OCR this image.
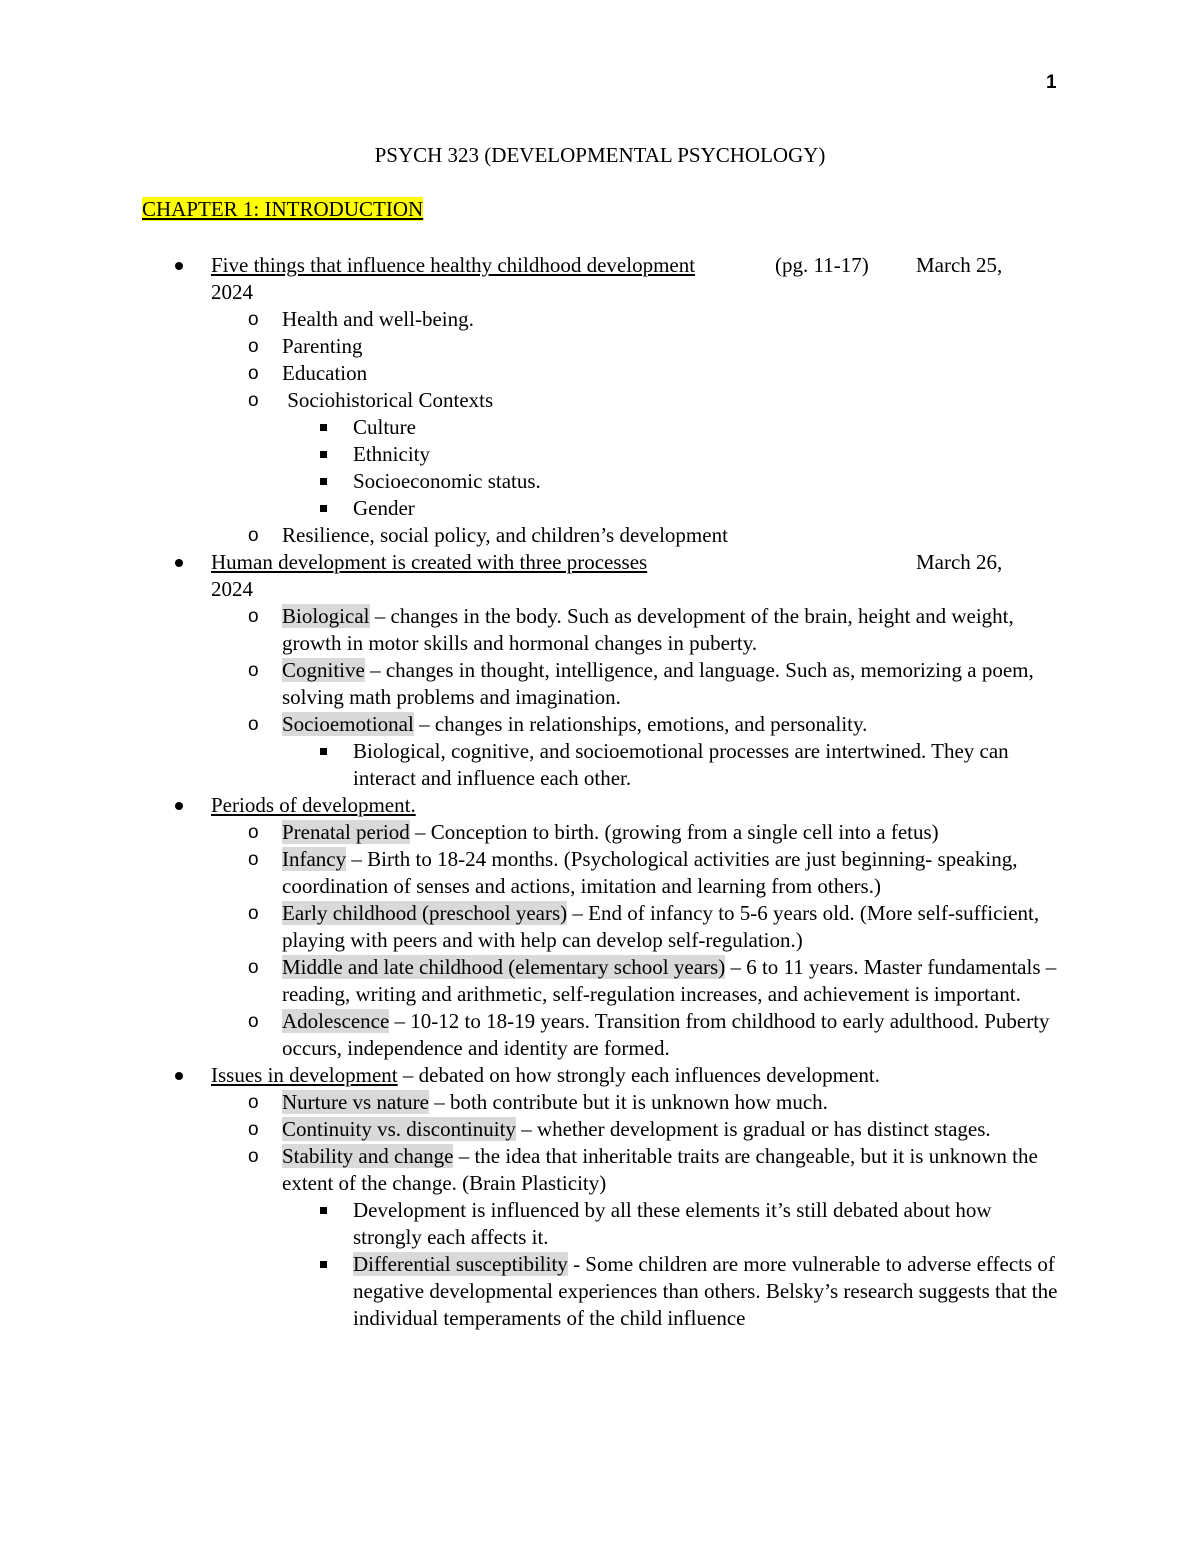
1
PSYCH 323 (DEVELOPMENTAL PSYCHOLOGY)
CHAPTER 1: INTRODUCTION
Five things that influence healthy childhood development	(pg. 11-17) March 25,

2024
o Health and well-being.
o Parenting
o Education
o  Sociohistorical Contexts
Culture
Ethnicity
Socioeconomic status.
Gender
o Resilience, social policy, and children’s development
Human development is created with three processes	March 26,

2024
o Biological – changes in the body. Such as development of the brain, height and weight, growth in motor skills and hormonal changes in puberty.
o Cognitive – changes in thought, intelligence, and language. Such as, memorizing a poem, solving math problems and imagination.
o Socioemotional – changes in relationships, emotions, and personality.
Biological, cognitive, and socioemotional processes are intertwined. They can interact and influence each other.
Periods of development.
o Prenatal period – Conception to birth. (growing from a single cell into a fetus)
o Infancy – Birth to 18-24 months. (Psychological activities are just beginning- speaking, coordination of senses and actions, imitation and learning from others.)
o Early childhood (preschool years) – End of infancy to 5-6 years old. (More self-sufficient, playing with peers and with help can develop self-regulation.)
o Middle and late childhood (elementary school years) – 6 to 11 years. Master fundamentals – reading, writing and arithmetic, self-regulation increases, and achievement is important.
o Adolescence – 10-12 to 18-19 years. Transition from childhood to early adulthood. Puberty occurs, independence and identity are formed.
Issues in development – debated on how strongly each influences development.
o Nurture vs nature – both contribute but it is unknown how much.
o Continuity vs. discontinuity – whether development is gradual or has distinct stages.
o Stability and change – the idea that inheritable traits are changeable, but it is unknown the extent of the change. (Brain Plasticity)
Development is influenced by all these elements it’s still debated about how strongly each affects it.
Differential susceptibility - Some children are more vulnerable to adverse effects of negative developmental experiences than others. Belsky’s research suggests that the individual temperaments of the child influence
